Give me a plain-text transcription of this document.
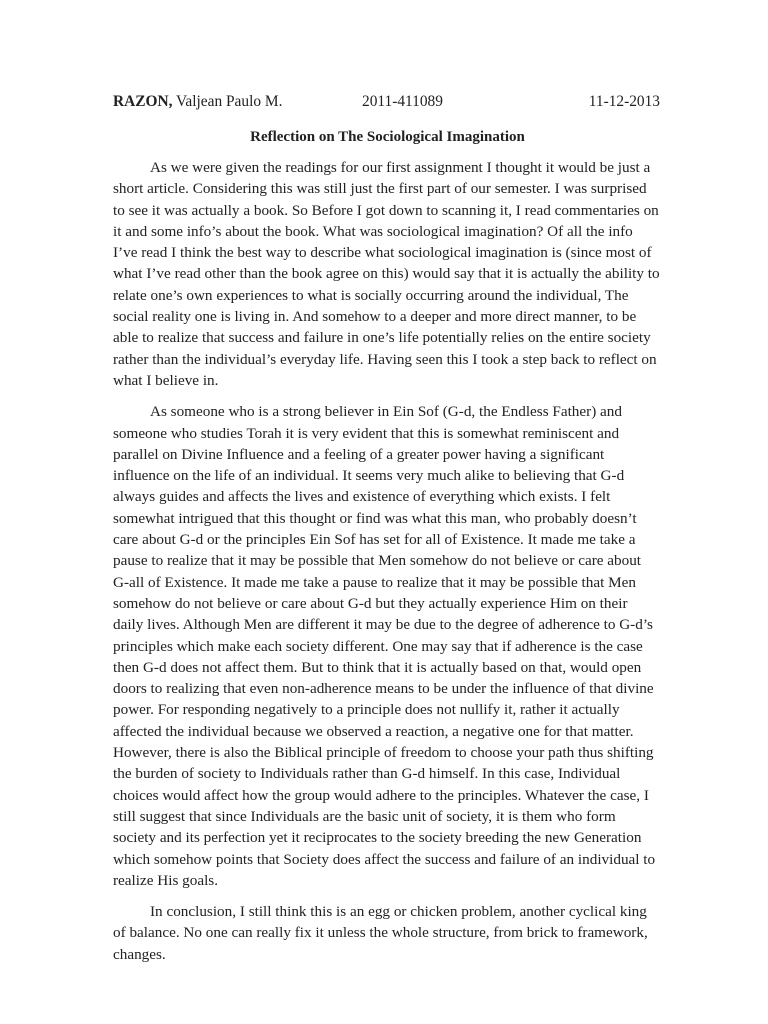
RAZON, Valjean Paulo M.	2011-411089	11-12-2013
Reflection on The Sociological Imagination

As we were given the readings for our first assignment I thought it would be just a short article. Considering this was still just the first part of our semester. I was surprised to see it was actually a book. So Before I got down to scanning it, I read commentaries on it and some info’s about the book. What was sociological imagination? Of all the info I’ve read I think the best way to describe what sociological imagination is (since most of what I’ve read other than the book agree on this) would say that it is actually the ability to relate one’s own experiences to what is socially occurring around the individual, The social reality one is living in. And somehow to a deeper and more direct manner, to be able to realize that success and failure in one’s life potentially relies on the entire society rather than the individual’s everyday life. Having seen this I took a step back to reflect on what I believe in.

As someone who is a strong believer in Ein Sof (G-d, the Endless Father) and someone who studies Torah it is very evident that this is somewhat reminiscent and parallel on Divine Influence and a feeling of a greater power having a significant influence on the life of an individual. It seems very much alike to believing that G-d always guides and affects the lives and existence of everything which exists. I felt somewhat intrigued that this thought or find was what this man, who probably doesn’t care about G-d or the principles Ein Sof has set for all of Existence. It made me take a pause to realize that it may be possible that Men somehow do not believe or care about G-all of Existence. It made me take a pause to realize that it may be possible that Men somehow do not believe or care about G-d but they actually experience Him on their daily lives. Although Men are different it may be due to the degree of adherence to G-d’s principles which make each society different. One may say that if adherence is the case then G-d does not affect them. But to think that it is actually based on that, would open doors to realizing that even non-adherence means to be under the influence of that divine power. For responding negatively to a principle does not nullify it, rather it actually affected the individual because we observed a reaction, a negative one for that matter. However, there is also the Biblical principle of freedom to choose your path thus shifting the burden of society to Individuals rather than G-d himself. In this case, Individual choices would affect how the group would adhere to the principles. Whatever the case, I still suggest that since Individuals are the basic unit of society, it is them who form society and its perfection yet it reciprocates to the society breeding the new Generation which somehow points that Society does affect the success and failure of an individual to realize His goals.

In conclusion, I still think this is an egg or chicken problem, another cyclical king of balance. No one can really fix it unless the whole structure, from brick to framework, changes.
